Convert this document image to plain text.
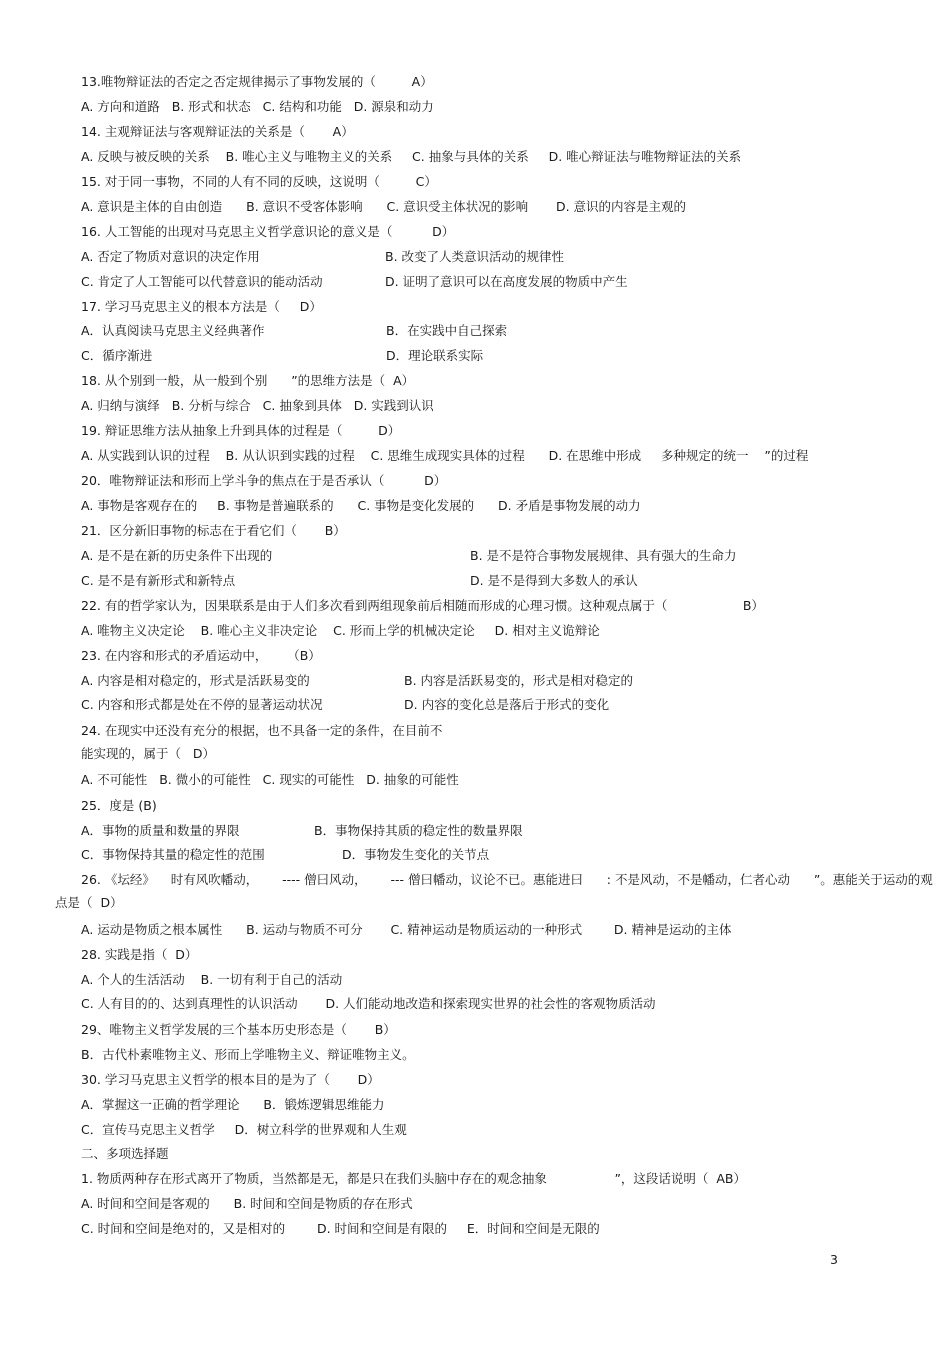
13.唯物辩证法的否定之否定规律揭示了事物发展的（         A）
A. 方向和道路   B. 形式和状态   C. 结构和功能   D. 源泉和动力
14. 主观辩证法与客观辩证法的关系是（       A）
A. 反映与被反映的关系    B. 唯心主义与唯物主义的关系     C. 抽象与具体的关系     D. 唯心辩证法与唯物辩证法的关系
15. 对于同一事物，不同的人有不同的反映，这说明（         C）
A. 意识是主体的自由创造      B. 意识不受客体影响      C. 意识受主体状况的影响       D. 意识的内容是主观的
16. 人工智能的出现对马克思主义哲学意识论的意义是（          D）
A. 否定了物质对意识的决定作用	B. 改变了人类意识活动的规律性
C. 肯定了人工智能可以代替意识的能动活动	D. 证明了意识可以在高度发展的物质中产生
17. 学习马克思主义的根本方法是（     D）
A．认真阅读马克思主义经典著作	B．在实践中自己探索
C．循序渐进	D．理论联系实际
18. 从个别到一般，从一般到个别      ”的思维方法是（  A）
A. 归纳与演绎   B. 分析与综合   C. 抽象到具体   D. 实践到认识
19. 辩证思维方法从抽象上升到具体的过程是（         D）
A. 从实践到认识的过程    B. 从认识到实践的过程    C. 思维生成现实具体的过程      D. 在思维中形成     多种规定的统一    ”的过程
20．唯物辩证法和形而上学斗争的焦点在于是否承认（          D）
A. 事物是客观存在的     B. 事物是普遍联系的      C. 事物是变化发展的      D. 矛盾是事物发展的动力
21．区分新旧事物的标志在于看它们（       B）
A. 是不是在新的历史条件下出现的	B. 是不是符合事物发展规律、具有强大的生命力
C. 是不是有新形式和新特点	D. 是不是得到大多数人的承认
22. 有的哲学家认为，因果联系是由于人们多次看到两组现象前后相随而形成的心理习惯。这种观点属于（                   B）
A. 唯物主义决定论    B. 唯心主义非决定论    C. 形而上学的机械决定论     D. 相对主义诡辩论
23. 在内容和形式的矛盾运动中，     （B）
A. 内容是相对稳定的，形式是活跃易变的	B. 内容是活跃易变的，形式是相对稳定的
C. 内容和形式都是处在不停的显著运动状况	D. 内容的变化总是落后于形式的变化
24. 在现实中还没有充分的根据，也不具备一定的条件，在目前不
能实现的，属于（   D）
A. 不可能性   B. 微小的可能性   C. 现实的可能性   D. 抽象的可能性
25．度是 (B)
A．事物的质量和数量的界限	B．事物保持其质的稳定性的数量界限
C．事物保持其量的稳定性的范围	D．事物发生变化的关节点
26. 《坛经》    时有风吹幡动，      ---- 僧曰风动，      --- 僧曰幡动，议论不已。惠能进曰      : 不是风动，不是幡动，仁者心动      ”。惠能关于运动的观
点是（  D）
A. 运动是物质之根本属性      B. 运动与物质不可分       C. 精神运动是物质运动的一种形式        D. 精神是运动的主体
28. 实践是指（  D）
A. 个人的生活活动    B. 一切有利于自己的活动
C. 人有目的的、达到真理性的认识活动       D. 人们能动地改造和探索现实世界的社会性的客观物质活动
29、唯物主义哲学发展的三个基本历史形态是（       B）
B．古代朴素唯物主义、形而上学唯物主义、辩证唯物主义。
30. 学习马克思主义哲学的根本目的是为了（       D）
A．掌握这一正确的哲学理论      B．锻炼逻辑思维能力
C．宣传马克思主义哲学     D．树立科学的世界观和人生观
二、多项选择题
1. 物质两种存在形式离开了物质，当然都是无，都是只在我们头脑中存在的观念抽象                 ”，这段话说明（  AB）
A. 时间和空间是客观的      B. 时间和空间是物质的存在形式
C. 时间和空间是绝对的，又是相对的        D. 时间和空间是有限的     E．时间和空间是无限的
3
